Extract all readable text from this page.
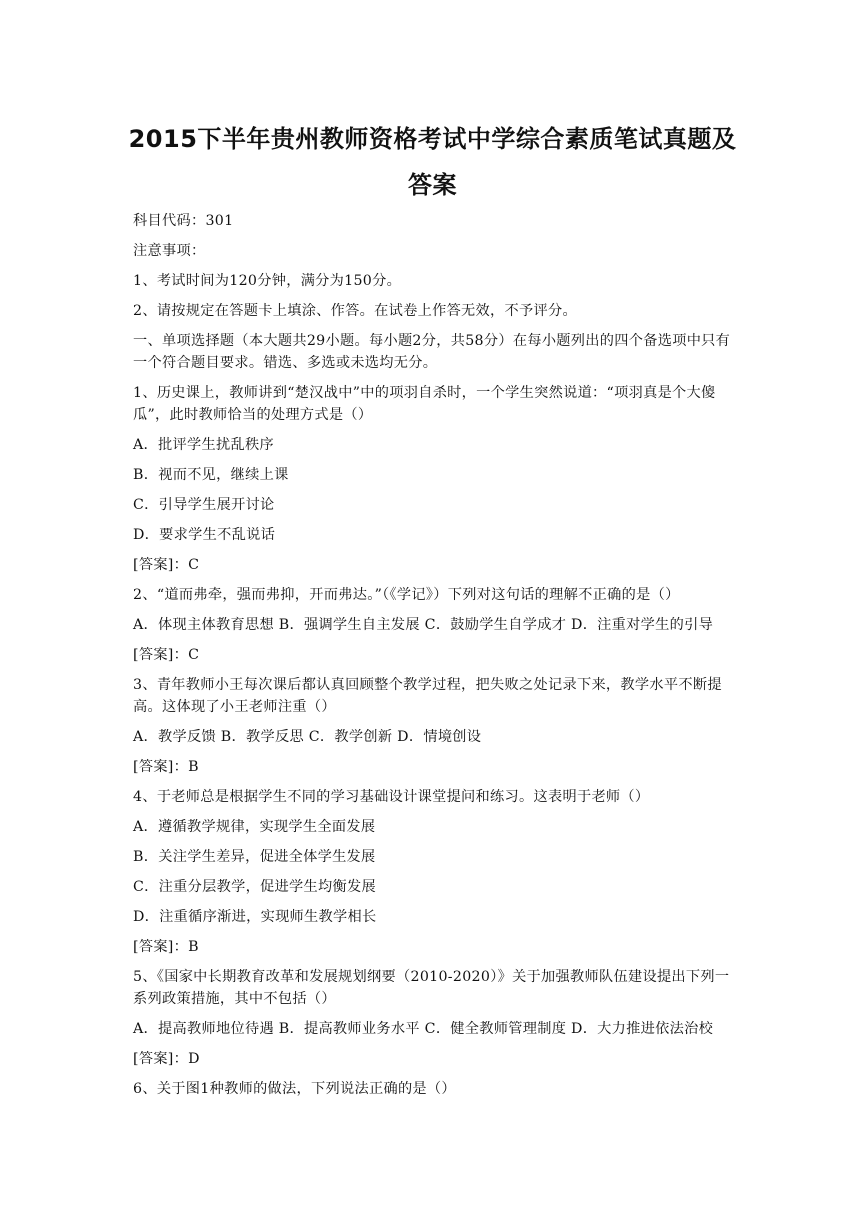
2015下半年贵州教师资格考试中学综合素质笔试真题及答案

科目代码：301

注意事项：

1、考试时间为120分钟，满分为150分。

2、请按规定在答题卡上填涂、作答。在试卷上作答无效，不予评分。

一、单项选择题（本大题共29小题。每小题2分，共58分）在每小题列出的四个备选项中只有一个符合题目要求。错选、多选或未选均无分。

1、历史课上，教师讲到“楚汉战中”中的项羽自杀时，一个学生突然说道：“项羽真是个大傻瓜”，此时教师恰当的处理方式是（）

A．批评学生扰乱秩序

B．视而不见，继续上课

C．引导学生展开讨论

D．要求学生不乱说话

[答案]：C

2、“道而弗牵，强而弗抑，开而弗达。”（《学记》）下列对这句话的理解不正确的是（）

A．体现主体教育思想 B．强调学生自主发展 C．鼓励学生自学成才 D．注重对学生的引导

[答案]：C

3、青年教师小王每次课后都认真回顾整个教学过程，把失败之处记录下来，教学水平不断提高。这体现了小王老师注重（）

A．教学反馈 B．教学反思 C．教学创新 D．情境创设

[答案]：B

4、于老师总是根据学生不同的学习基础设计课堂提问和练习。这表明于老师（）

A．遵循教学规律，实现学生全面发展

B．关注学生差异，促进全体学生发展

C．注重分层教学，促进学生均衡发展

D．注重循序渐进，实现师生教学相长

[答案]：B

5、《国家中长期教育改革和发展规划纲要（2010-2020）》关于加强教师队伍建设提出下列一系列政策措施，其中不包括（）

A．提高教师地位待遇 B．提高教师业务水平 C．健全教师管理制度 D．大力推进依法治校

[答案]：D

6、关于图1种教师的做法，下列说法正确的是（）
